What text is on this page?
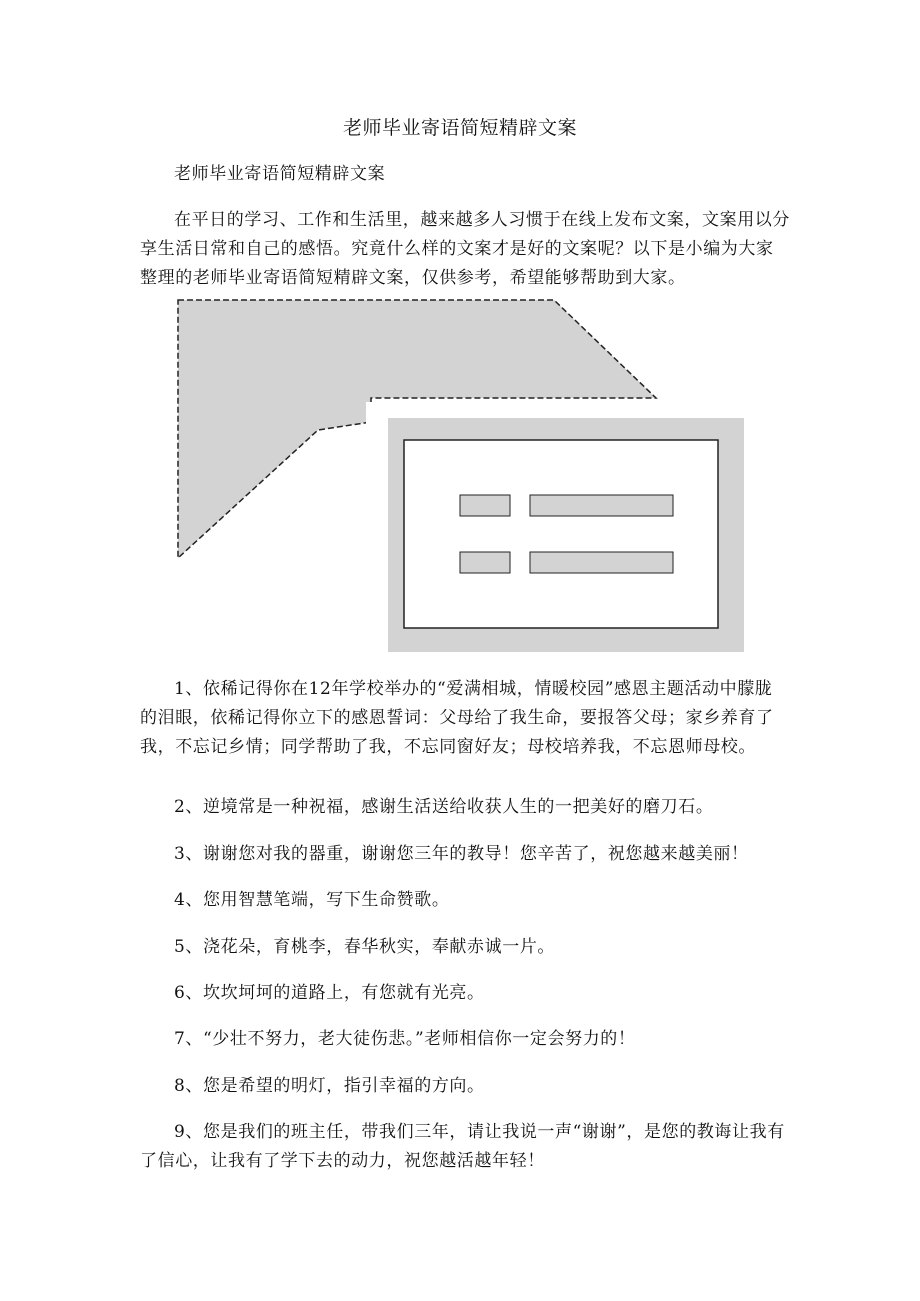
老师毕业寄语简短精辟文案

老师毕业寄语简短精辟文案

在平日的学习、工作和生活里，越来越多人习惯于在线上发布文案，文案用以分享生活日常和自己的感悟。究竟什么样的文案才是好的文案呢？以下是小编为大家整理的老师毕业寄语简短精辟文案，仅供参考，希望能够帮助到大家。

1、依稀记得你在12年学校举办的“爱满相城，情暖校园”感恩主题活动中朦胧的泪眼，依稀记得你立下的感恩誓词：父母给了我生命，要报答父母；家乡养育了我，不忘记乡情；同学帮助了我，不忘同窗好友；母校培养我，不忘恩师母校。

2、逆境常是一种祝福，感谢生活送给收获人生的一把美好的磨刀石。

3、谢谢您对我的器重，谢谢您三年的教导！您辛苦了，祝您越来越美丽！

4、您用智慧笔端，写下生命赞歌。

5、浇花朵，育桃李，春华秋实，奉献赤诚一片。

6、坎坎坷坷的道路上，有您就有光亮。

7、“少壮不努力，老大徒伤悲。”老师相信你一定会努力的！

8、您是希望的明灯，指引幸福的方向。

9、您是我们的班主任，带我们三年，请让我说一声“谢谢”，是您的教诲让我有了信心，让我有了学下去的动力，祝您越活越年轻！
